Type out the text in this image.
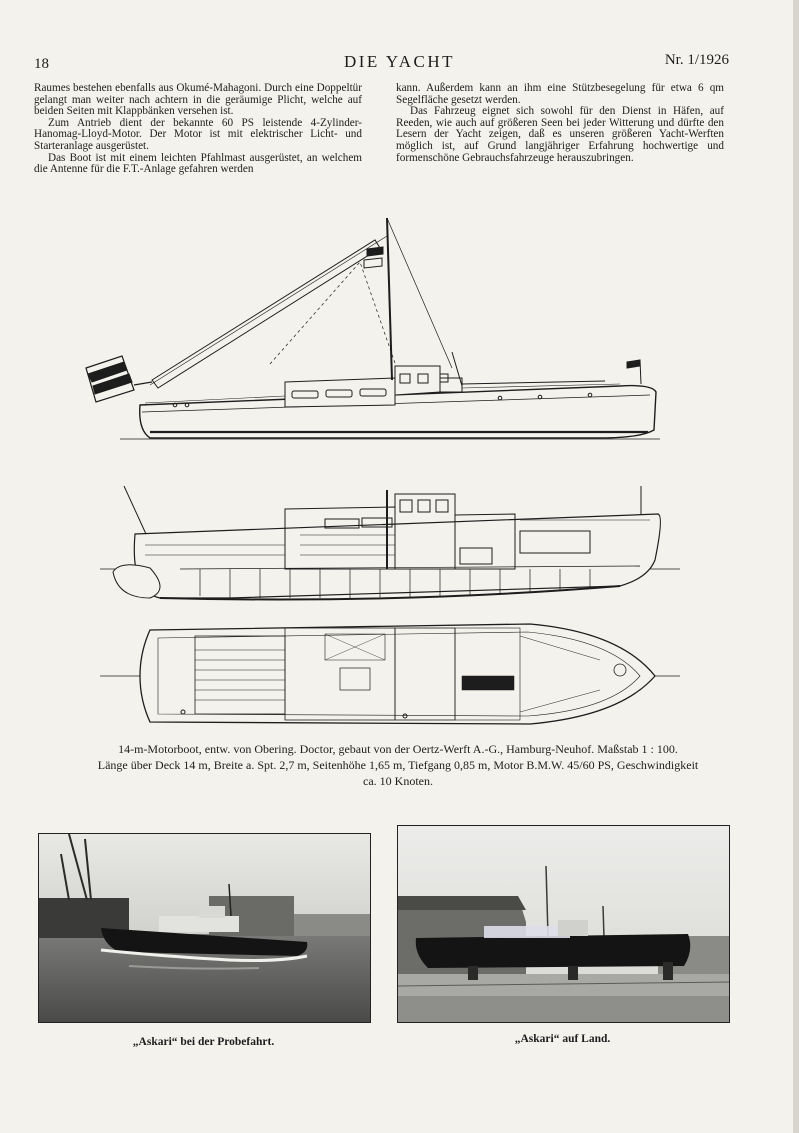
18	DIE YACHT	Nr. 1/1926

Raumes bestehen ebenfalls aus Okumé-Mahagoni. Durch eine Doppeltür gelangt man weiter nach achtern in die geräumige Plicht, welche auf beiden Seiten mit Klappbänken versehen ist.

Zum Antrieb dient der bekannte 60 PS leistende 4-Zylinder-Hanomag-Lloyd-Motor. Der Motor ist mit elektrischer Licht- und Starteranlage ausgerüstet.

Das Boot ist mit einem leichten Pfahlmast ausgerüstet, an welchem die Antenne für die F.T.-Anlage gefahren werden

kann. Außerdem kann an ihm eine Stützbesegelung für etwa 6 qm Segelfläche gesetzt werden.

Das Fahrzeug eignet sich sowohl für den Dienst in Häfen, auf Reeden, wie auch auf größeren Seen bei jeder Witterung und dürfte den Lesern der Yacht zeigen, daß es unseren größeren Yacht-Werften möglich ist, auf Grund langjähriger Erfahrung hochwertige und formenschöne Gebrauchsfahrzeuge herauszubringen.

14-m-Motorboot, entw. von Obering. Doctor, gebaut von der Oertz-Werft A.-G., Hamburg-Neuhof. Maßstab 1 : 100.
Länge über Deck 14 m, Breite a. Spt. 2,7 m, Seitenhöhe 1,65 m, Tiefgang 0,85 m, Motor B.M.W. 45/60 PS, Geschwindigkeit
ca. 10 Knoten.
„Askari“ bei der Probefahrt.	„Askari“ auf Land.
